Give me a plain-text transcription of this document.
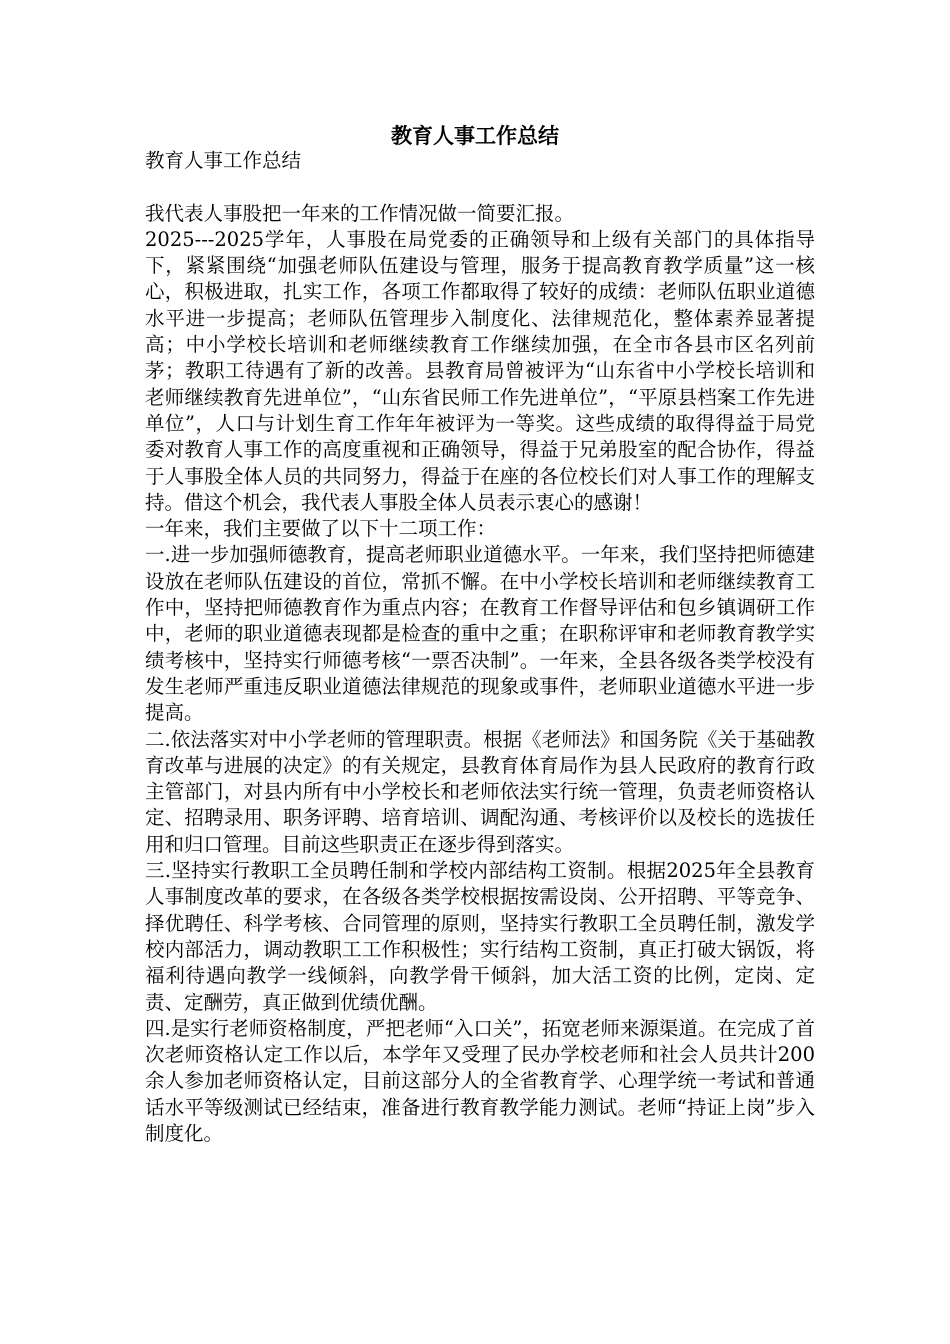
教育人事工作总结

教育人事工作总结

我代表人事股把一年来的工作情况做一简要汇报。

2025---2025学年，人事股在局党委的正确领导和上级有关部门的具体指导下，紧紧围绕“加强老师队伍建设与管理，服务于提高教育教学质量”这一核心，积极进取，扎实工作，各项工作都取得了较好的成绩：老师队伍职业道德水平进一步提高；老师队伍管理步入制度化、法律规范化，整体素养显著提高；中小学校长培训和老师继续教育工作继续加强，在全市各县市区名列前茅；教职工待遇有了新的改善。县教育局曾被评为“山东省中小学校长培训和老师继续教育先进单位”，“山东省民师工作先进单位”，“平原县档案工作先进单位”，人口与计划生育工作年年被评为一等奖。这些成绩的取得得益于局党委对教育人事工作的高度重视和正确领导，得益于兄弟股室的配合协作，得益于人事股全体人员的共同努力，得益于在座的各位校长们对人事工作的理解支持。借这个机会，我代表人事股全体人员表示衷心的感谢！

一年来，我们主要做了以下十二项工作：

一.进一步加强师德教育，提高老师职业道德水平。一年来，我们坚持把师德建设放在老师队伍建设的首位，常抓不懈。在中小学校长培训和老师继续教育工作中，坚持把师德教育作为重点内容；在教育工作督导评估和包乡镇调研工作中，老师的职业道德表现都是检查的重中之重；在职称评审和老师教育教学实绩考核中，坚持实行师德考核“一票否决制”。一年来，全县各级各类学校没有发生老师严重违反职业道德法律规范的现象或事件，老师职业道德水平进一步提高。

二.依法落实对中小学老师的管理职责。根据《老师法》和国务院《关于基础教育改革与进展的决定》的有关规定，县教育体育局作为县人民政府的教育行政主管部门，对县内所有中小学校长和老师依法实行统一管理，负责老师资格认定、招聘录用、职务评聘、培育培训、调配沟通、考核评价以及校长的选拔任用和归口管理。目前这些职责正在逐步得到落实。

三.坚持实行教职工全员聘任制和学校内部结构工资制。根据2025年全县教育人事制度改革的要求，在各级各类学校根据按需设岗、公开招聘、平等竞争、择优聘任、科学考核、合同管理的原则，坚持实行教职工全员聘任制，激发学校内部活力，调动教职工工作积极性；实行结构工资制，真正打破大锅饭，将福利待遇向教学一线倾斜，向教学骨干倾斜，加大活工资的比例，定岗、定责、定酬劳，真正做到优绩优酬。

四.是实行老师资格制度，严把老师“入口关”，拓宽老师来源渠道。在完成了首次老师资格认定工作以后，本学年又受理了民办学校老师和社会人员共计200余人参加老师资格认定，目前这部分人的全省教育学、心理学统一考试和普通话水平等级测试已经结束，准备进行教育教学能力测试。老师“持证上岗”步入制度化。
